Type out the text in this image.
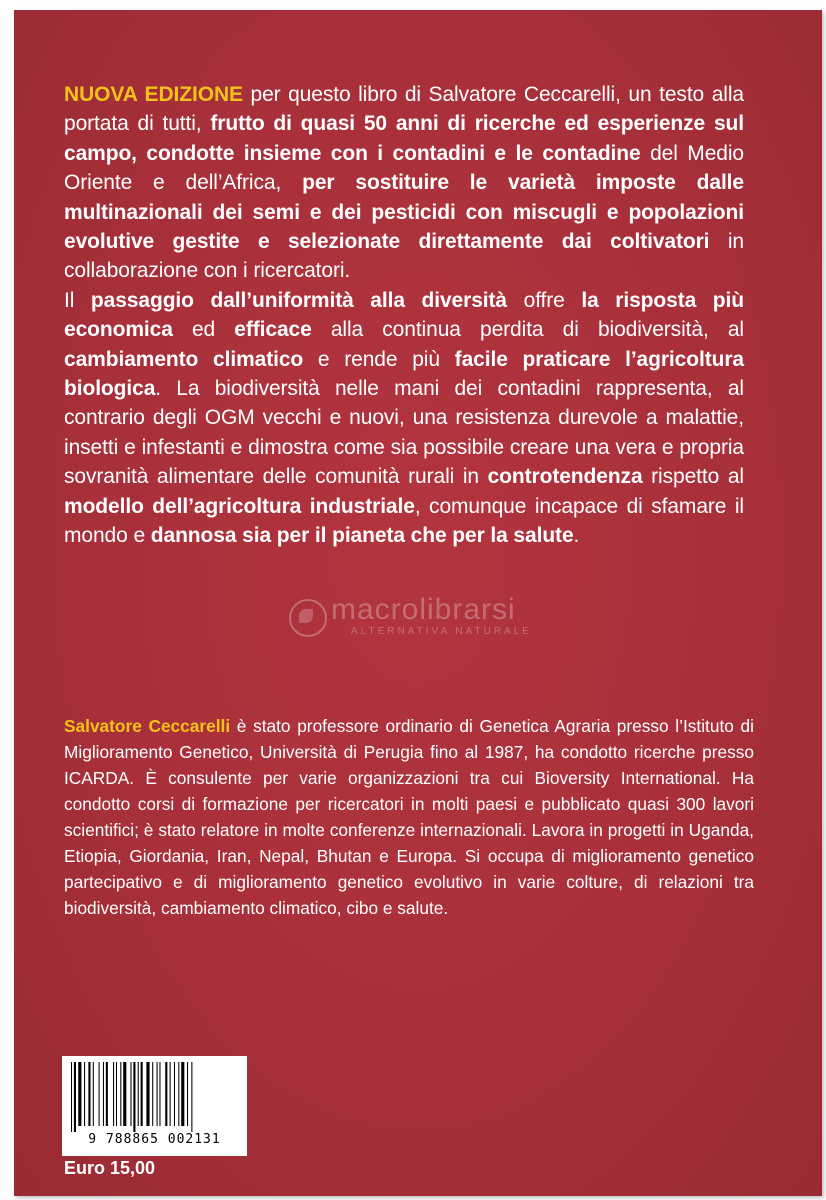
NUOVA EDIZIONE per questo libro di Salvatore Ceccarelli, un testo alla portata di tutti, frutto di quasi 50 anni di ricerche ed esperienze sul campo, condotte insieme con i contadini e le contadine del Medio Oriente e dell’Africa, per sostituire le varietà imposte dalle multinazionali dei semi e dei pesticidi con miscugli e popolazioni evolutive gestite e selezionate direttamente dai coltivatori in collaborazione con i ricercatori.

Il passaggio dall’uniformità alla diversità offre la risposta più economica ed efficace alla continua perdita di biodiversità, al cambiamento climatico e rende più facile praticare l’agricoltura biologica. La biodiversità nelle mani dei contadini rappresenta, al contrario degli OGM vecchi e nuovi, una resistenza durevole a malattie, insetti e infestanti e dimostra come sia possibile creare una vera e propria sovranità alimentare delle comunità rurali in controtendenza rispetto al modello dell’agricoltura industriale, comunque incapace di sfamare il mondo e dannosa sia per il pianeta che per la salute.

macrolibrarsi
ALTERNATIVA NATURALE

Salvatore Ceccarelli è stato professore ordinario di Genetica Agraria presso l’Istituto di Miglioramento Genetico, Università di Perugia fino al 1987, ha condotto ricerche presso ICARDA. È consulente per varie organizzazioni tra cui Bioversity International. Ha condotto corsi di formazione per ricercatori in molti paesi e pubblicato quasi 300 lavori scientifici; è stato relatore in molte conferenze internazionali. Lavora in progetti in Uganda, Etiopia, Giordania, Iran, Nepal, Bhutan e Europa. Si occupa di miglioramento genetico partecipativo e di miglioramento genetico evolutivo in varie colture, di relazioni tra biodiversità, cambiamento climatico, cibo e salute.

9 788865 002131
Euro 15,00
